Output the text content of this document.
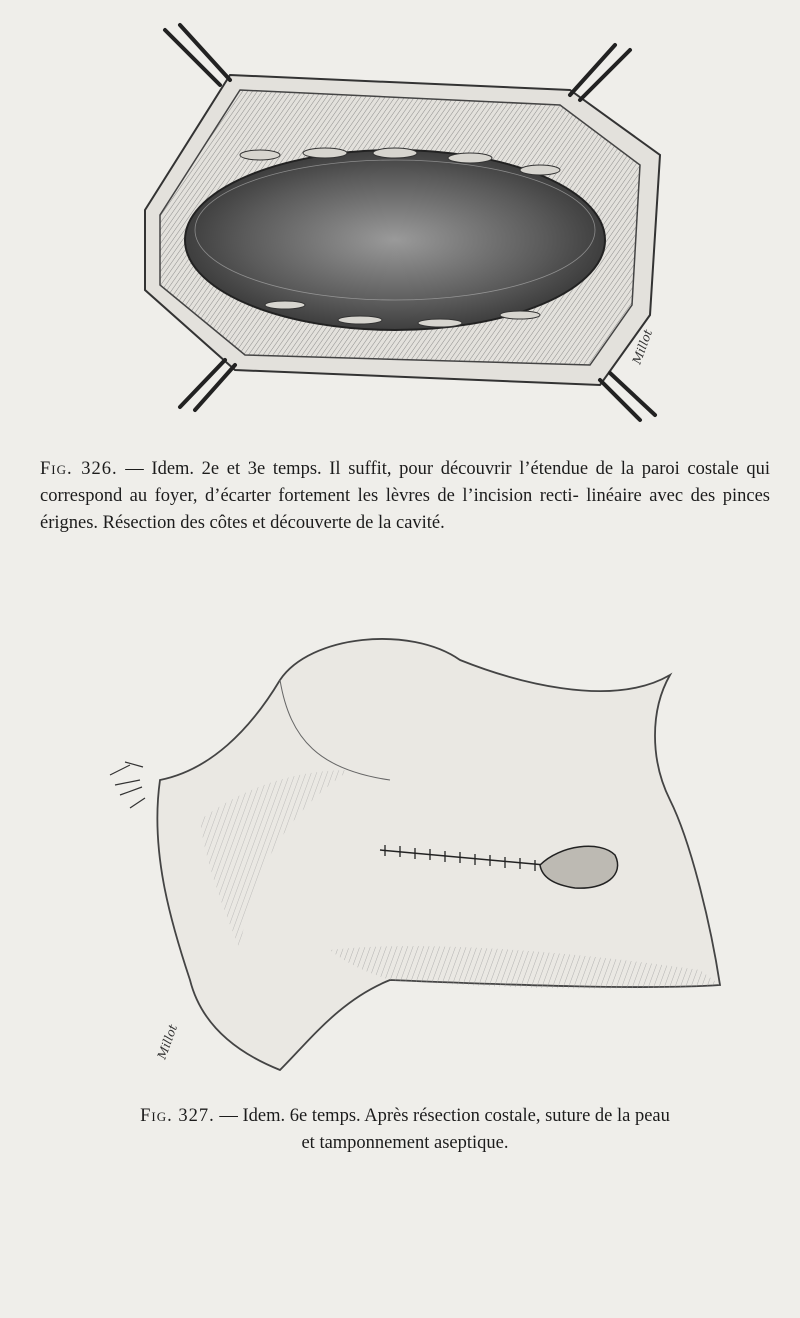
Millot

Fig. 326. — Idem. 2e et 3e temps. Il suffit, pour découvrir l’étendue de la paroi costale qui correspond au foyer, d’écarter fortement les lèvres de l’incision recti- linéaire avec des pinces érignes. Résection des côtes et découverte de la cavité.

Millot

Fig. 327. — Idem. 6e temps. Après résection costale, suture de la peau
et tamponnement aseptique.
